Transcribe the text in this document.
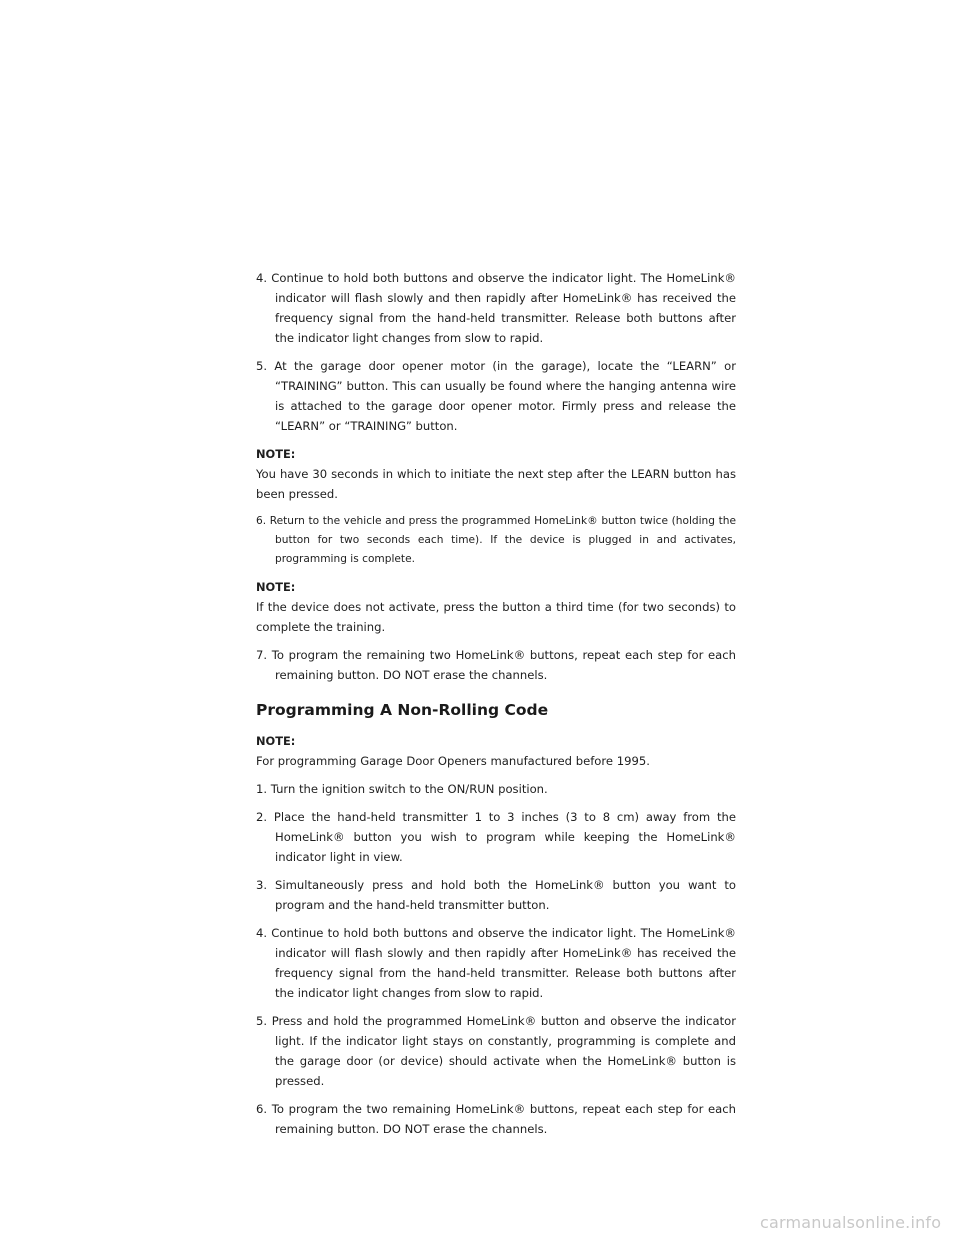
4. Continue to hold both buttons and observe the indicator light. The HomeLink® indicator will flash slowly and then rapidly after HomeLink® has received the frequency signal from the hand-held transmitter. Release both buttons after the indicator light changes from slow to rapid.

5. At the garage door opener motor (in the garage), locate the “LEARN” or “TRAINING” button. This can usually be found where the hanging antenna wire is attached to the garage door opener motor. Firmly press and release the “LEARN” or “TRAINING” button.

NOTE:

You have 30 seconds in which to initiate the next step after the LEARN button has been pressed.

6. Return to the vehicle and press the programmed HomeLink® button twice (holding the button for two seconds each time). If the device is plugged in and activates, programming is complete.

NOTE:

If the device does not activate, press the button a third time (for two seconds) to complete the training.

7. To program the remaining two HomeLink® buttons, repeat each step for each remaining button. DO NOT erase the channels.

Programming A Non-Rolling Code
NOTE:

For programming Garage Door Openers manufactured before 1995.

1. Turn the ignition switch to the ON/RUN position.

2. Place the hand-held transmitter 1 to 3 inches (3 to 8 cm) away from the HomeLink® button you wish to program while keeping the HomeLink® indicator light in view.

3. Simultaneously press and hold both the HomeLink® button you want to program and the hand-held transmitter button.

4. Continue to hold both buttons and observe the indicator light. The HomeLink® indicator will flash slowly and then rapidly after HomeLink® has received the frequency signal from the hand-held transmitter. Release both buttons after the indicator light changes from slow to rapid.

5. Press and hold the programmed HomeLink® button and observe the indicator light. If the indicator light stays on constantly, programming is complete and the garage door (or device) should activate when the HomeLink® button is pressed.

6. To program the two remaining HomeLink® buttons, repeat each step for each remaining button. DO NOT erase the channels.

carmanualsonline.info
